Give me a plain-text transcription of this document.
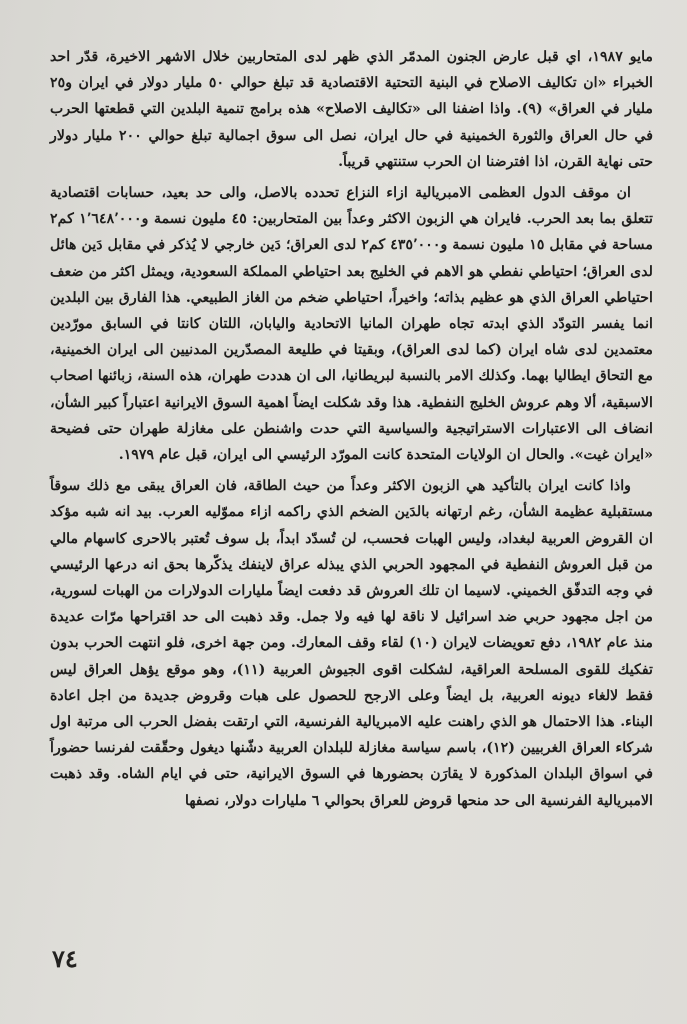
مايو ١٩٨٧، اي قبل عارض الجنون المدمّر الذي ظهر لدى المتحاربين خلال الاشهر الاخيرة، قدّر احد الخبراء «ان تكاليف الاصلاح في البنية التحتية الاقتصادية قد تبلغ حوالي ٥٠ مليار دولار في ايران و٢٥ مليار في العراق» (٩). واذا اضفنا الى «تكاليف الاصلاح» هذه برامج تنمية البلدين التي قطعتها الحرب في حال العراق والثورة الخمينية في حال ايران، نصل الى سوق اجمالية تبلغ حوالي ٢٠٠ مليار دولار حتى نهاية القرن، اذا افترضنا ان الحرب ستنتهي قريباً.

ان موقف الدول العظمى الامبريالية ازاء النزاع تحدده بالاصل، والى حد بعيد، حسابات اقتصادية تتعلق بما بعد الحرب. فايران هي الزبون الاكثر وعداً بين المتحاربين: ٤٥ مليون نسمة و١٬٦٤٨٬٠٠٠ كم٢ مساحة في مقابل ١٥ مليون نسمة و٤٣٥٬٠٠٠ كم٢ لدى العراق؛ دَين خارجي لا يُذكر في مقابل دَين هائل لدى العراق؛ احتياطي نفطي هو الاهم في الخليج بعد احتياطي المملكة السعودية، ويمثل اكثر من ضعف احتياطي العراق الذي هو عظيم بذاته؛ واخيراً، احتياطي ضخم من الغاز الطبيعي. هذا الفارق بين البلدين انما يفسر التودّد الذي ابدته تجاه طهران المانيا الاتحادية واليابان، اللتان كانتا في السابق مورّدين معتمدين لدى شاه ايران (كما لدى العراق)، وبقيتا في طليعة المصدّرين المدنيين الى ايران الخمينية، مع التحاق ايطاليا بهما. وكذلك الامر بالنسبة لبريطانيا، الى ان هددت طهران، هذه السنة، زبائنها اصحاب الاسبقية، ألا وهم عروش الخليج النفطية. هذا وقد شكلت ايضاً اهمية السوق الايرانية اعتباراً كبير الشأن، انضاف الى الاعتبارات الاستراتيجية والسياسية التي حدت واشنطن على مغازلة طهران حتى فضيحة «ايران غيت». والحال ان الولايات المتحدة كانت المورّد الرئيسي الى ايران، قبل عام ١٩٧٩.

واذا كانت ايران بالتأكيد هي الزبون الاكثر وعداً من حيث الطاقة، فان العراق يبقى مع ذلك سوقاً مستقبلية عظيمة الشأن، رغم ارتهانه بالدَين الضخم الذي راكمه ازاء مموّليه العرب. بيد انه شبه مؤكد ان القروض العربية لبغداد، وليس الهبات فحسب، لن تُسدّد ابداً، بل سوف تُعتبر بالاحرى كاسهام مالي من قبل العروش النفطية في المجهود الحربي الذي يبذله عراق لاينفك يذكّرها بحق انه درعها الرئيسي في وجه التدفّق الخميني. لاسيما ان تلك العروش قد دفعت ايضاً مليارات الدولارات من الهبات لسورية، من اجل مجهود حربي ضد اسرائيل لا ناقة لها فيه ولا جمل. وقد ذهبت الى حد اقتراحها مرّات عديدة منذ عام ١٩٨٢، دفع تعويضات لايران (١٠) لقاء وقف المعارك. ومن جهة اخرى، فلو انتهت الحرب بدون تفكيك للقوى المسلحة العراقية، لشكلت اقوى الجيوش العربية (١١)، وهو موقع يؤهل العراق ليس فقط لالغاء ديونه العربية، بل ايضاً وعلى الارجح للحصول على هبات وقروض جديدة من اجل اعادة البناء. هذا الاحتمال هو الذي راهنت عليه الامبريالية الفرنسية، التي ارتقت بفضل الحرب الى مرتبة اول شركاء العراق الغربيين (١٢)، باسم سياسة مغازلة للبلدان العربية دشّنها ديغول وحقّقت لفرنسا حضوراً في اسواق البلدان المذكورة لا يقارَن بحضورها في السوق الايرانية، حتى في ايام الشاه. وقد ذهبت الامبريالية الفرنسية الى حد منحها قروض للعراق بحوالي ٦ مليارات دولار، نصفها

٧٤
